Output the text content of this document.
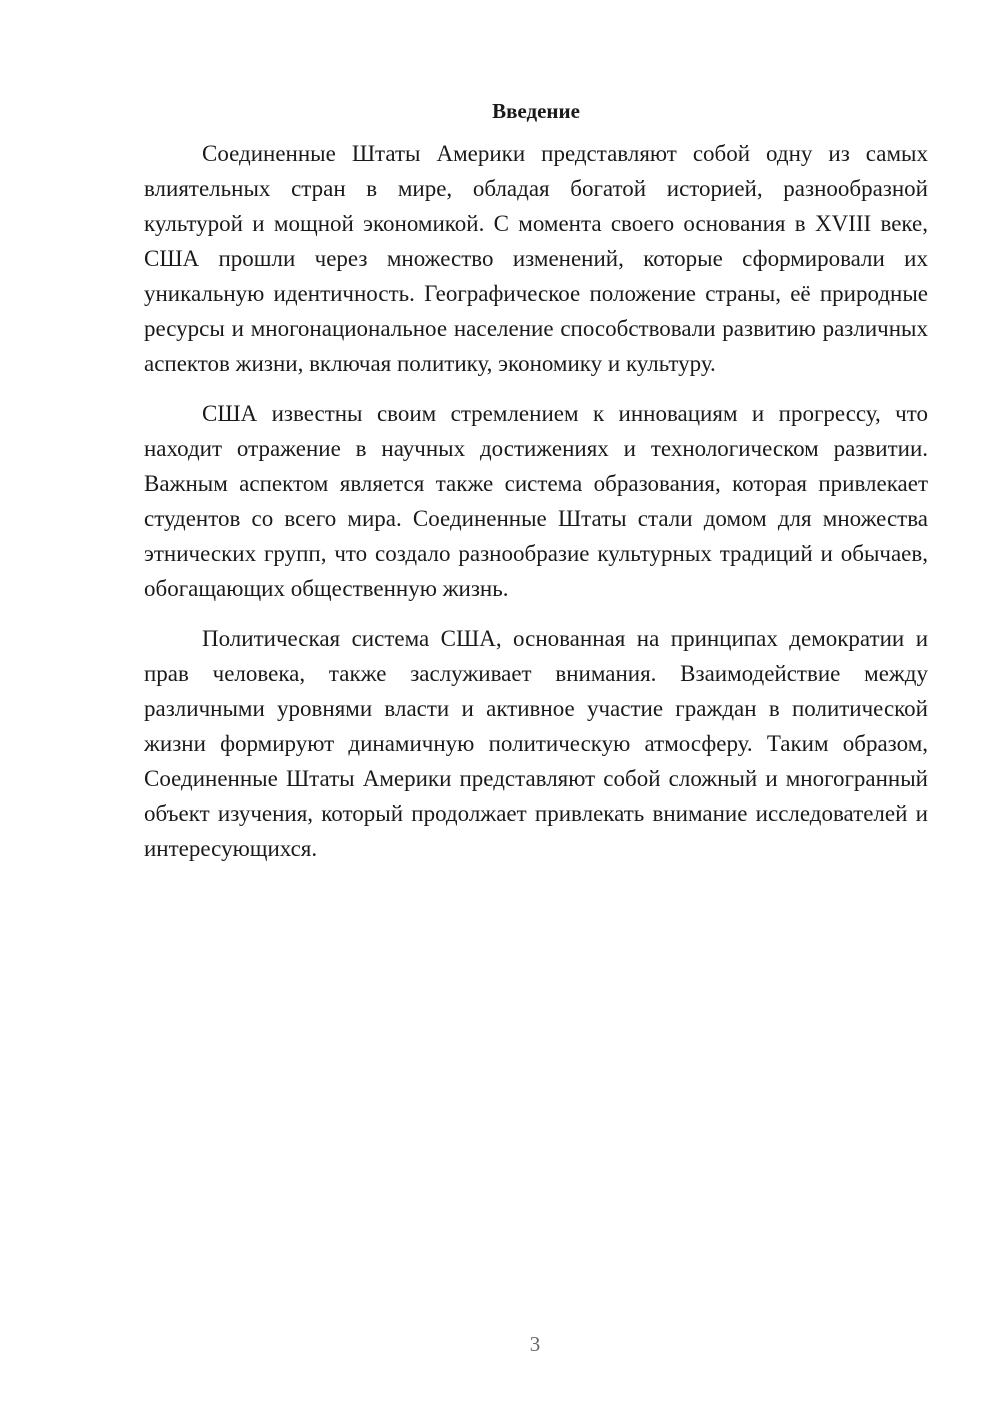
Введение

Соединенные Штаты Америки представляют собой одну из самых влиятельных стран в мире, обладая богатой историей, разнообразной культурой и мощной экономикой. С момента своего основания в XVIII веке, США прошли через множество изменений, которые сформировали их уникальную идентичность. Географическое положение страны, её природные ресурсы и многонациональное население способствовали развитию различных аспектов жизни, включая политику, экономику и культуру.

США известны своим стремлением к инновациям и прогрессу, что находит отражение в научных достижениях и технологическом развитии. Важным аспектом является также система образования, которая привлекает студентов со всего мира. Соединенные Штаты стали домом для множества этнических групп, что создало разнообразие культурных традиций и обычаев, обогащающих общественную жизнь.

Политическая система США, основанная на принципах демократии и прав человека, также заслуживает внимания. Взаимодействие между различными уровнями власти и активное участие граждан в политической жизни формируют динамичную политическую атмосферу. Таким образом, Соединенные Штаты Америки представляют собой сложный и многогранный объект изучения, который продолжает привлекать внимание исследователей и интересующихся.

3
